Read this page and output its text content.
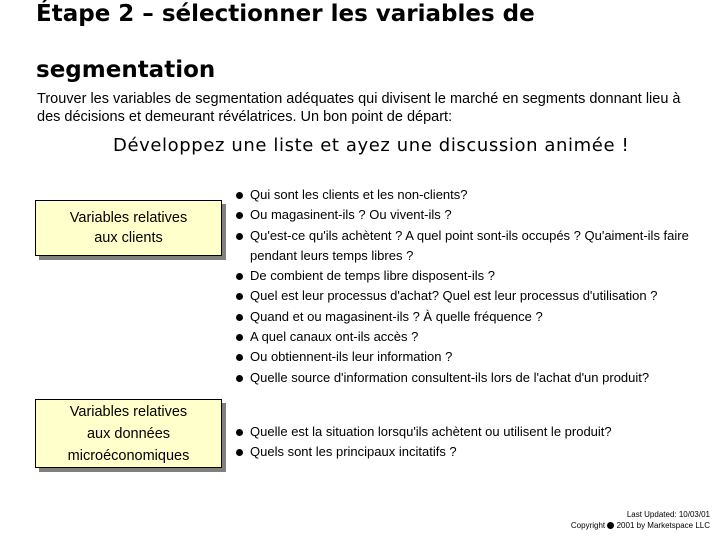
Étape 2 – sélectionner les variables de
segmentation
Trouver les variables de segmentation adéquates qui divisent le marché en segments donnant lieu à des décisions et demeurant révélatrices. Un bon point de départ:
Développez une liste et ayez une discussion animée !
Variables relatives
aux clients
Qui sont les clients et les non-clients?
Ou magasinent-ils ? Ou vivent-ils ?
Qu'est-ce qu'ils achètent ? A quel point sont-ils occupés ? Qu'aiment-ils faire pendant leurs temps libres ?
De combient de temps libre disposent-ils ?
Quel est leur processus d'achat? Quel est leur processus d'utilisation ?
Quand et ou magasinent-ils ? À quelle fréquence ?
A quel canaux ont-ils accès ?
Ou obtiennent-ils leur information ?
Quelle source d'information consultent-ils lors de l'achat d'un produit?
Variables relatives
aux données
microéconomiques
Quelle est la situation lorsqu'ils achètent ou utilisent le produit?
Quels sont les principaux incitatifs ?
Last Updated: 10/03/01
Copyright 2001 by Marketspace LLC
